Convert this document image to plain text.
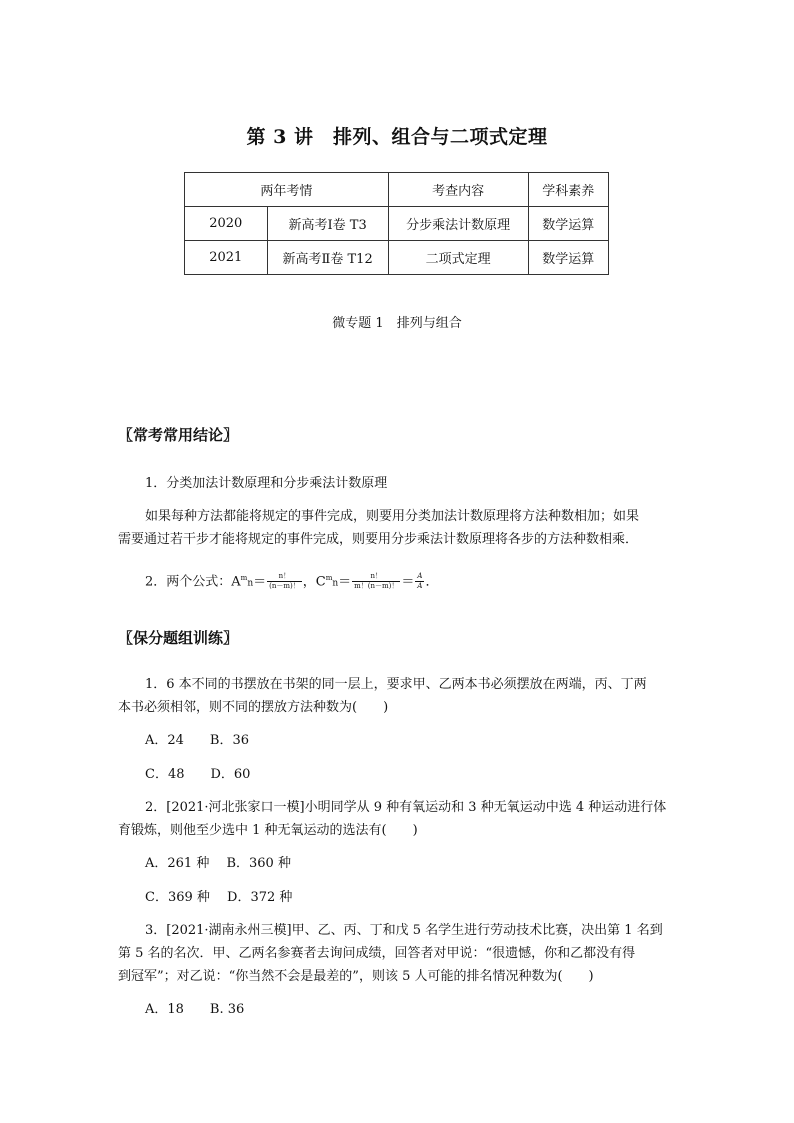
第 3 讲　排列、组合与二项式定理
两年考情		考查内容	学科素养
2020	新高考Ⅰ卷 T3	分步乘法计数原理	数学运算
2021	新高考Ⅱ卷 T12	二项式定理	数学运算
微专题 1　排列与组合
〖常考常用结论〗
1．分类加法计数原理和分步乘法计数原理
如果每种方法都能将规定的事件完成，则要用分类加法计数原理将方法种数相加；如果
需要通过若干步才能将规定的事件完成，则要用分步乘法计数原理将各步的方法种数相乘．
2．两个公式：$A^mn= \frac{n!}{(n-m)!}$ ，$C^mn= \frac{n!}{m!(n-m)!} = \frac{A}{A}$ ．
〖保分题组训练〗
1．6 本不同的书摆放在书架的同一层上，要求甲、乙两本书必须摆放在两端，丙、丁两
本书必须相邻，则不同的摆放方法种数为(　　)
A．24　　B．36
C．48　　D．60
2．[2021·河北张家口一模]小明同学从 9 种有氧运动和 3 种无氧运动中选 4 种运动进行体
育锻炼，则他至少选中 1 种无氧运动的选法有(　　)
A．261 种　 B．360 种
C．369 种　 D．372 种
3．[2021·湖南永州三模]甲、乙、丙、丁和戊 5 名学生进行劳动技术比赛，决出第 1 名到
第 5 名的名次．甲、乙两名参赛者去询问成绩，回答者对甲说：“很遗憾，你和乙都没有得
到冠军”；对乙说：“你当然不会是最差的”，则该 5 人可能的排名情况种数为(　　)
A．18　　B. 36
